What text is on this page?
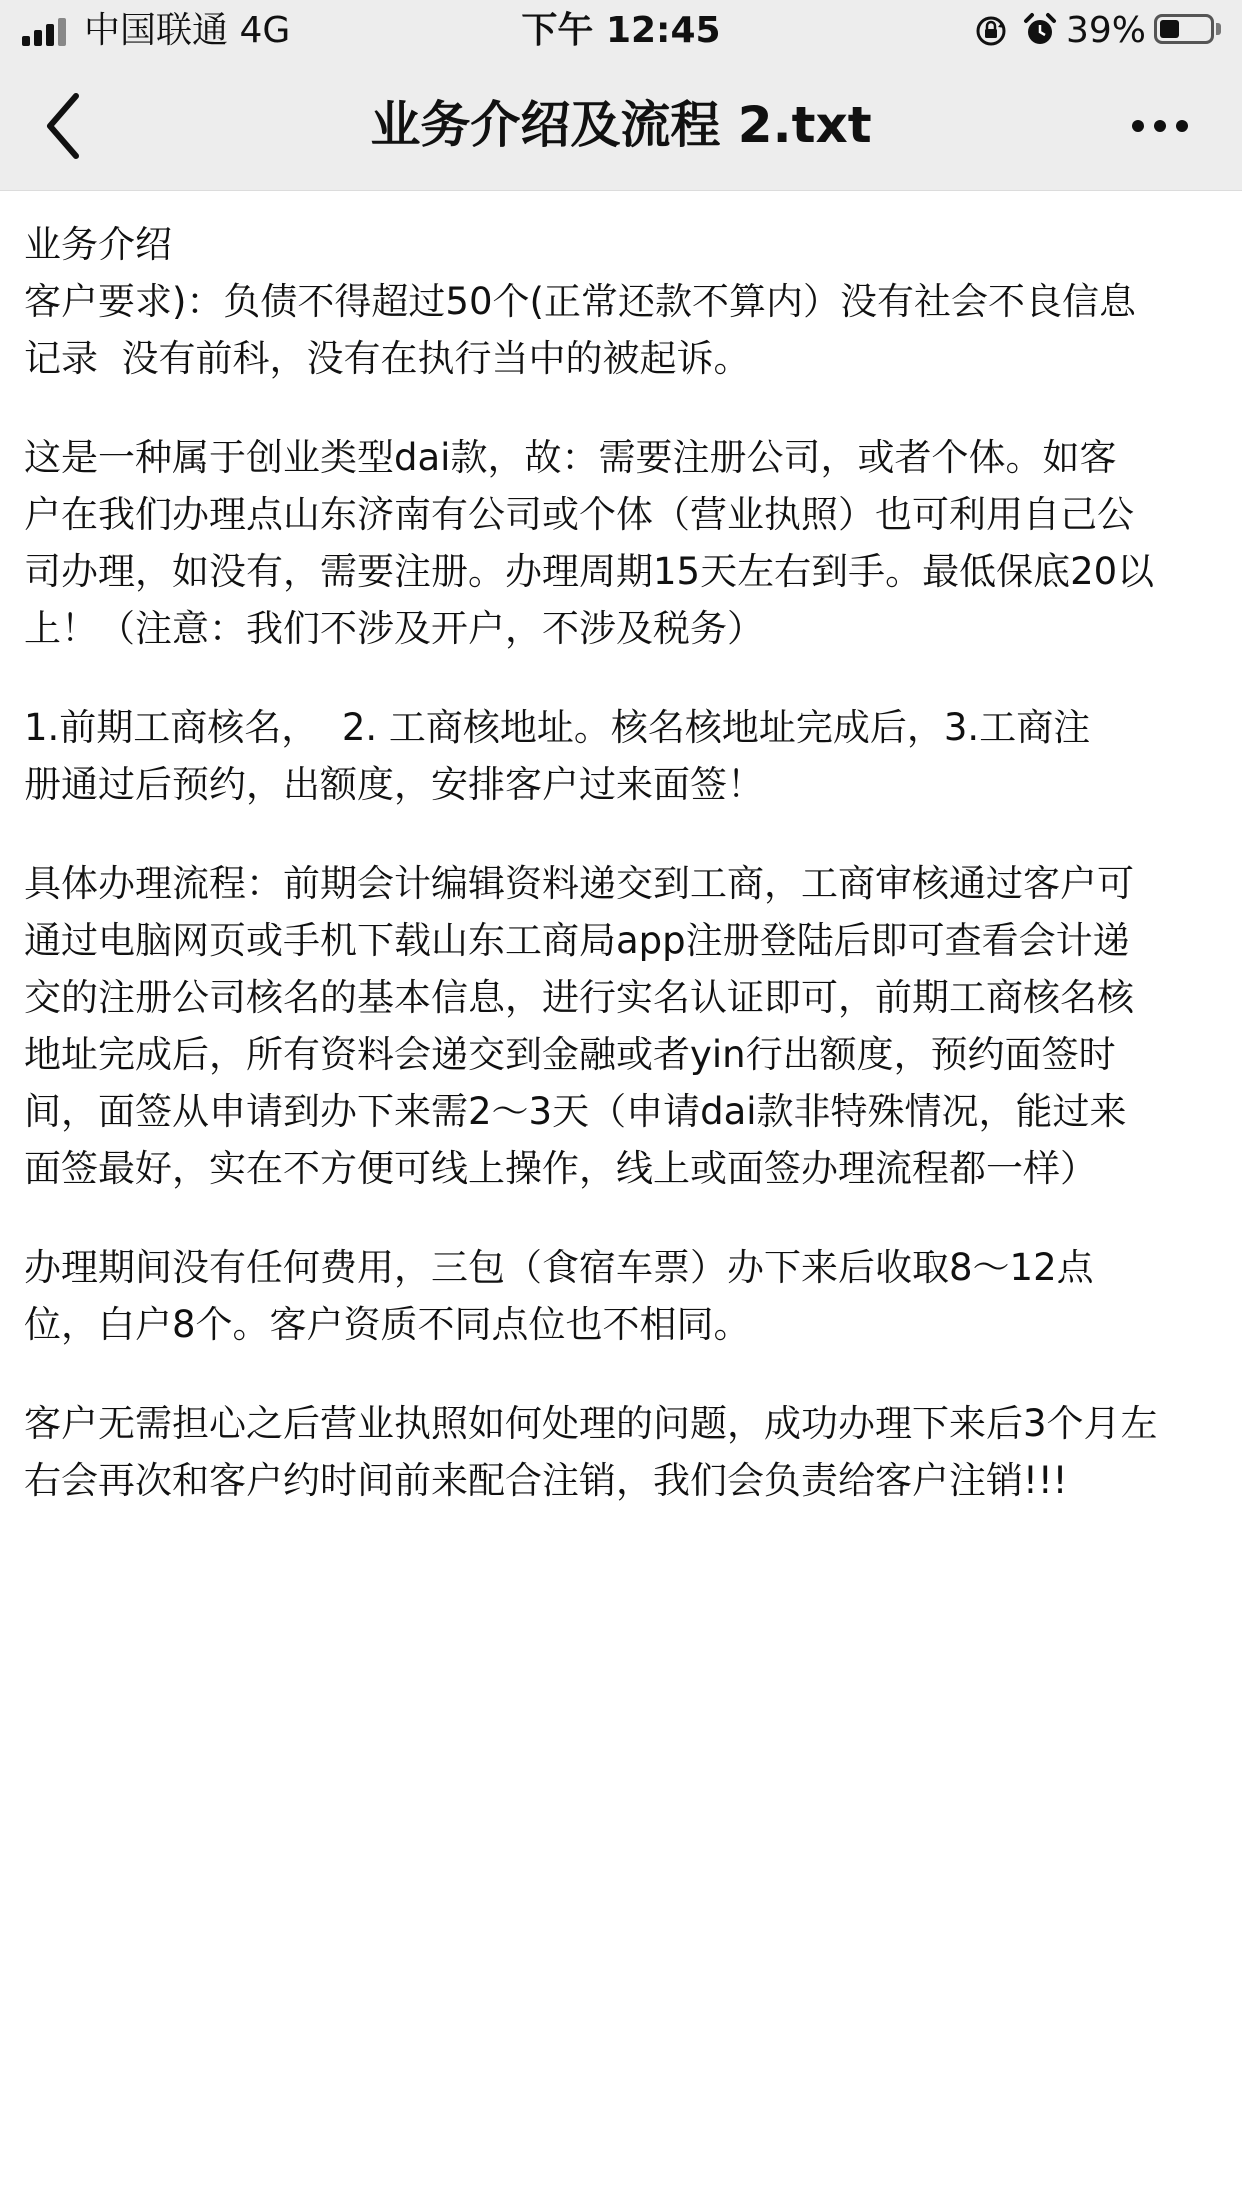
中国联通 4G	下午 12:45	39%
业务介绍及流程 2.txt
业务介绍
客户要求)：负债不得超过50个(正常还款不算内）没有社会不良信息
记录  没有前科，没有在执行当中的被起诉。
这是一种属于创业类型dai款，故：需要注册公司，或者个体。如客
户在我们办理点山东济南有公司或个体（营业执照）也可利用自己公
司办理，如没有，需要注册。办理周期15天左右到手。最低保底20以
上！（注意：我们不涉及开户，不涉及税务）
1.前期工商核名，  2. 工商核地址。核名核地址完成后，3.工商注
册通过后预约，出额度，安排客户过来面签！
具体办理流程：前期会计编辑资料递交到工商，工商审核通过客户可
通过电脑网页或手机下载山东工商局app注册登陆后即可查看会计递
交的注册公司核名的基本信息，进行实名认证即可，前期工商核名核
地址完成后，所有资料会递交到金融或者yin行出额度，预约面签时
间，面签从申请到办下来需2～3天（申请dai款非特殊情况，能过来
面签最好，实在不方便可线上操作，线上或面签办理流程都一样）
办理期间没有任何费用，三包（食宿车票）办下来后收取8～12点
位，白户8个。客户资质不同点位也不相同。
客户无需担心之后营业执照如何处理的问题，成功办理下来后3个月左
右会再次和客户约时间前来配合注销，我们会负责给客户注销!!!
